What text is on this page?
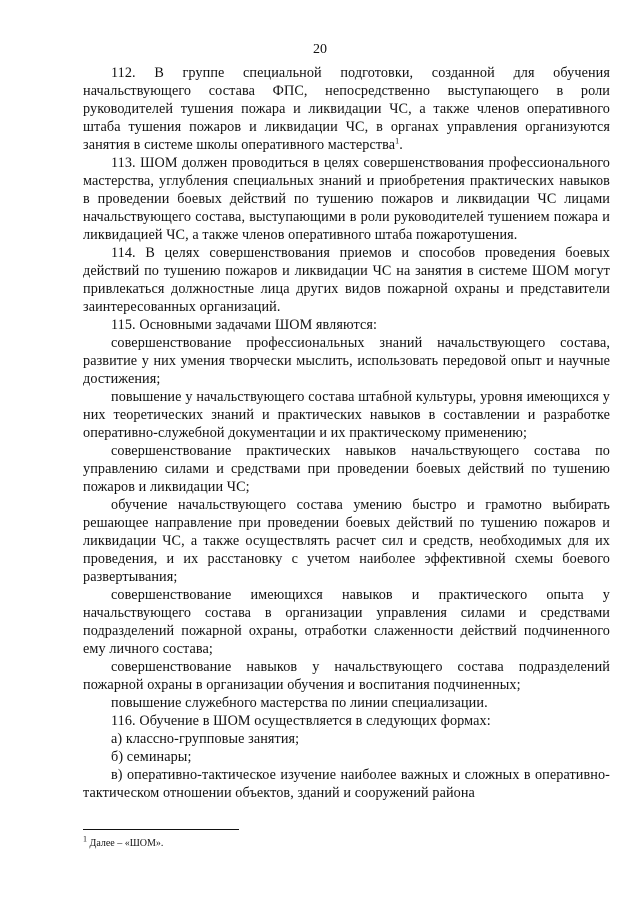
20

112. В группе специальной подготовки, созданной для обучения начальствующего состава ФПС, непосредственно выступающего в роли руководителей тушения пожара и ликвидации ЧС, а также членов оперативного штаба тушения пожаров и ликвидации ЧС, в органах управления организуются занятия в системе школы оперативного мастерства$^1$.

113. ШОМ должен проводиться в целях совершенствования профессионального мастерства, углубления специальных знаний и приобретения практических навыков в проведении боевых действий по тушению пожаров и ликвидации ЧС лицами начальствующего состава, выступающими в роли руководителей тушением пожара и ликвидацией ЧС, а также членов оперативного штаба пожаротушения.

114. В целях совершенствования приемов и способов проведения боевых действий по тушению пожаров и ликвидации ЧС на занятия в системе ШОМ могут привлекаться должностные лица других видов пожарной охраны и представители заинтересованных организаций.

115. Основными задачами ШОМ являются:

совершенствование профессиональных знаний начальствующего состава, развитие у них умения творчески мыслить, использовать передовой опыт и научные достижения;

повышение у начальствующего состава штабной культуры, уровня имеющихся у них теоретических знаний и практических навыков в составлении и разработке оперативно-служебной документации и их практическому применению;

совершенствование практических навыков начальствующего состава по управлению силами и средствами при проведении боевых действий по тушению пожаров и ликвидации ЧС;

обучение начальствующего состава умению быстро и грамотно выбирать решающее направление при проведении боевых действий по тушению пожаров и ликвидации ЧС, а также осуществлять расчет сил и средств, необходимых для их проведения, и их расстановку с учетом наиболее эффективной схемы боевого развертывания;

совершенствование имеющихся навыков и практического опыта у начальствующего состава в организации управления силами и средствами подразделений пожарной охраны, отработки слаженности действий подчиненного ему личного состава;

совершенствование навыков у начальствующего состава подразделений пожарной охраны в организации обучения и воспитания подчиненных;

повышение служебного мастерства по линии специализации.

116. Обучение в ШОМ осуществляется в следующих формах:

а) классно-групповые занятия;

б) семинары;

в) оперативно-тактическое изучение наиболее важных и сложных в оперативно-тактическом отношении объектов, зданий и сооружений района

$^1$ Далее – «ШОМ».
